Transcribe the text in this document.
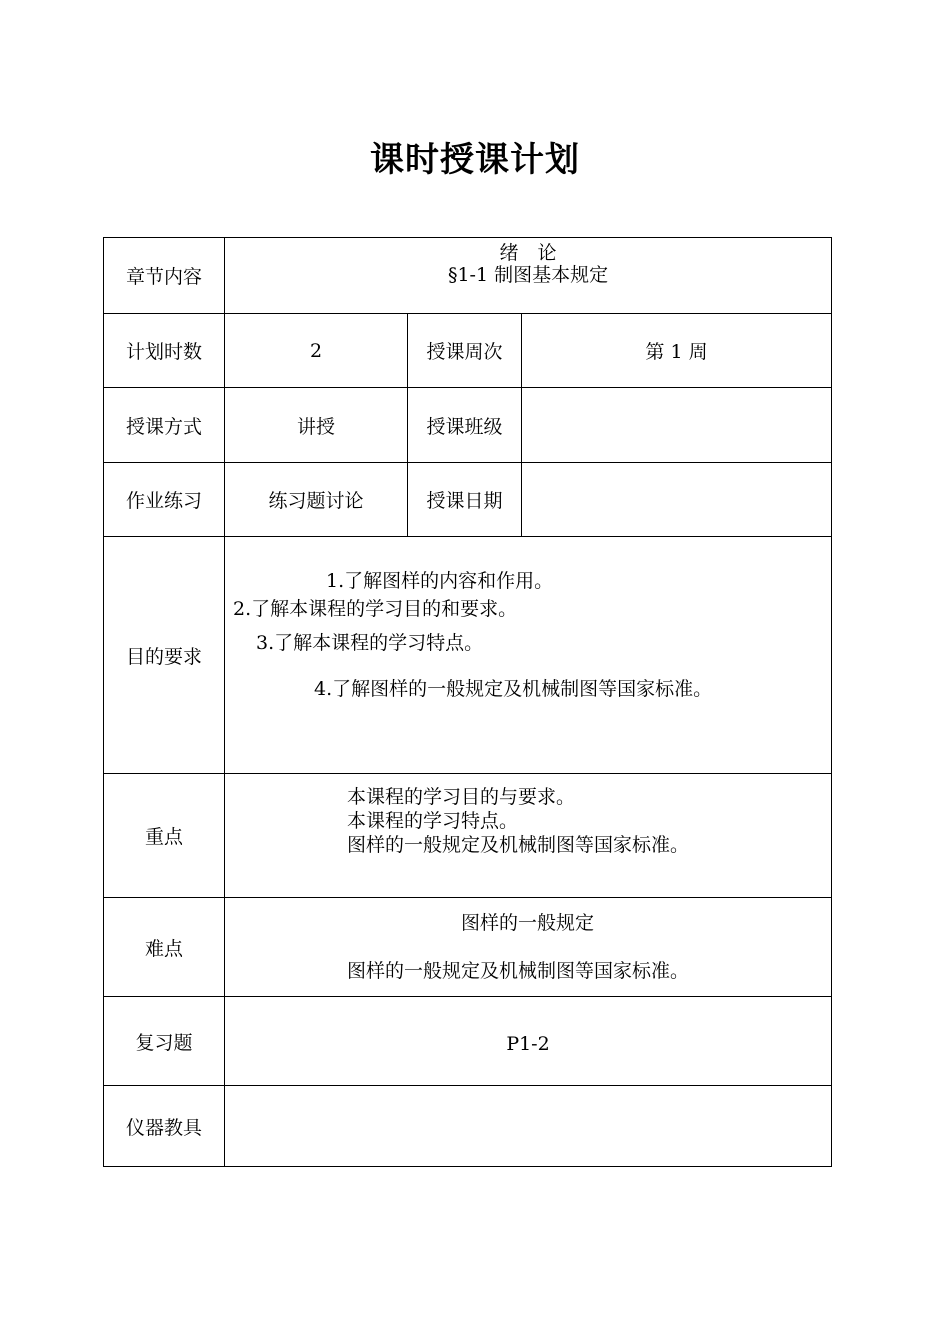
课时授课计划
章节内容	绪　论
§1-1 制图基本规定		

计划时数	2	授课周次	第 1 周
授课方式	讲授	授课班级	
作业练习	练习题讨论	授课日期	
目的要求	1.了解图样的内容和作用。
2.了解本课程的学习目的和要求。
3.了解本课程的学习特点。
4.了解图样的一般规定及机械制图等国家标准。		

重点	本课程的学习目的与要求。
本课程的学习特点。
图样的一般规定及机械制图等国家标准。		

难点	图样的一般规定
图样的一般规定及机械制图等国家标准。		

复习题	P1-2		
仪器教具			
